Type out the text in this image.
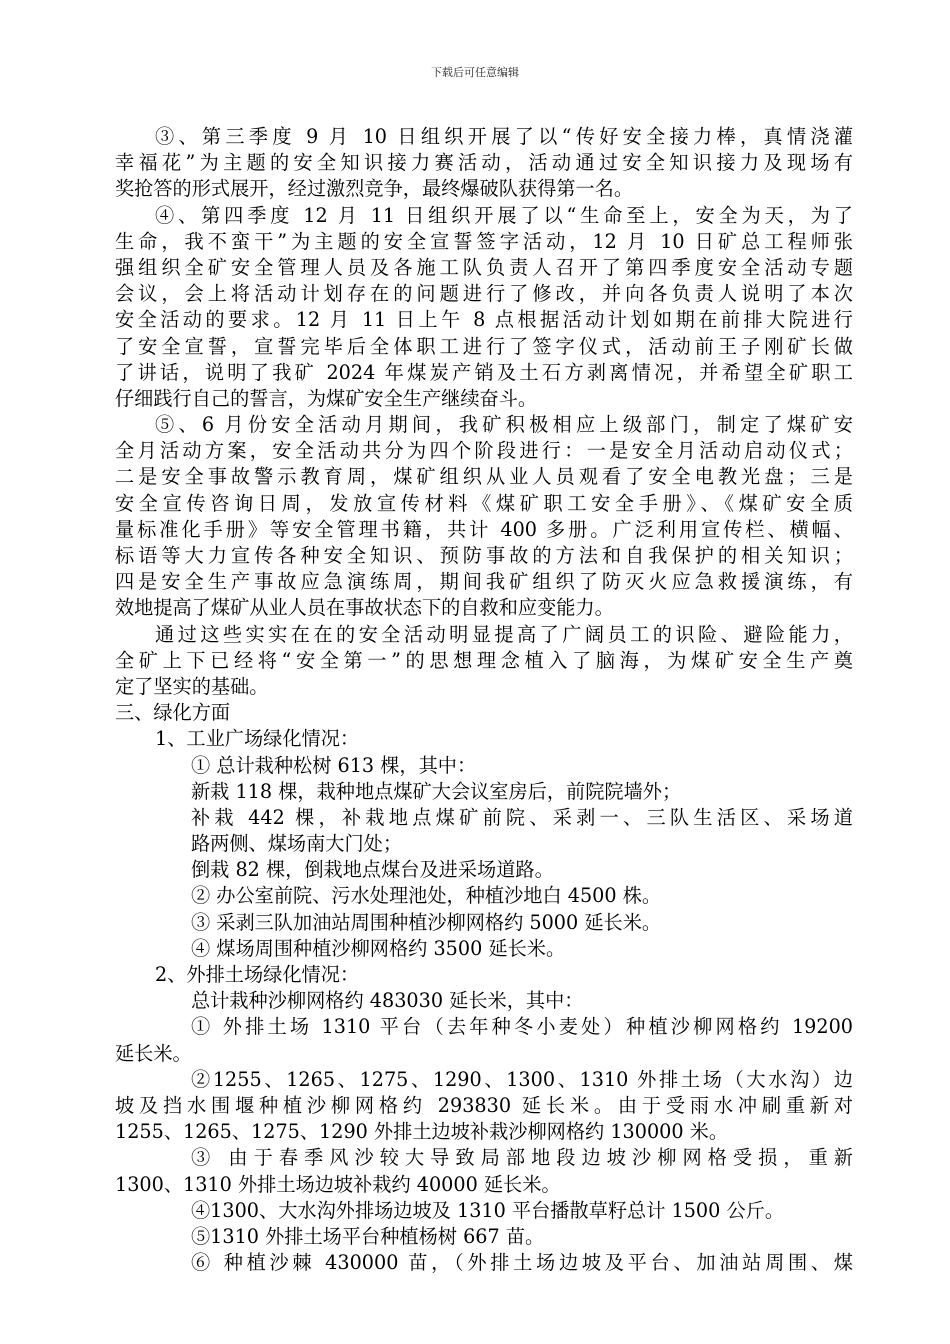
下载后可任意编辑
③、第三季度 9 月 10 日组织开展了以“传好安全接力棒，真情浇灌
幸福花”为主题的安全知识接力赛活动，活动通过安全知识接力及现场有
奖抢答的形式展开，经过激烈竞争，最终爆破队获得第一名。
④、第四季度 12 月 11 日组织开展了以“生命至上，安全为天，为了
生命，我不蛮干”为主题的安全宣誓签字活动，12 月 10 日矿总工程师张
强组织全矿安全管理人员及各施工队负责人召开了第四季度安全活动专题
会议，会上将活动计划存在的问题进行了修改，并向各负责人说明了本次
安全活动的要求。12 月 11 日上午 8 点根据活动计划如期在前排大院进行
了安全宣誓，宣誓完毕后全体职工进行了签字仪式，活动前王子刚矿长做
了讲话，说明了我矿 2024 年煤炭产销及土石方剥离情况，并希望全矿职工
仔细践行自己的誓言，为煤矿安全生产继续奋斗。
⑤、6 月份安全活动月期间，我矿积极相应上级部门，制定了煤矿安
全月活动方案，安全活动共分为四个阶段进行：一是安全月活动启动仪式；
二是安全事故警示教育周，煤矿组织从业人员观看了安全电教光盘；三是
安全宣传咨询日周，发放宣传材料《煤矿职工安全手册》、《煤矿安全质
量标准化手册》等安全管理书籍，共计 400 多册。广泛利用宣传栏、横幅、
标语等大力宣传各种安全知识、预防事故的方法和自我保护的相关知识；
四是安全生产事故应急演练周，期间我矿组织了防灭火应急救援演练，有
效地提高了煤矿从业人员在事故状态下的自救和应变能力。
通过这些实实在在的安全活动明显提高了广阔员工的识险、避险能力，
全矿上下已经将“安全第一”的思想理念植入了脑海，为煤矿安全生产奠
定了坚实的基础。
三、绿化方面
1、工业广场绿化情况：
① 总计栽种松树 613 棵，其中：
新栽 118 棵，栽种地点煤矿大会议室房后，前院院墙外；
补栽 442 棵，补栽地点煤矿前院、采剥一、三队生活区、采场道
路两侧、煤场南大门处；
倒栽 82 棵，倒栽地点煤台及进采场道路。
② 办公室前院、污水处理池处，种植沙地白 4500 株。
③ 采剥三队加油站周围种植沙柳网格约 5000 延长米。
④ 煤场周围种植沙柳网格约 3500 延长米。
2、外排土场绿化情况：
总计栽种沙柳网格约 483030 延长米，其中：
① 外排土场 1310 平台（去年种冬小麦处）种植沙柳网格约 19200
延长米。
②1255、1265、1275、1290、1300、1310 外排土场（大水沟）边
坡及挡水围堰种植沙柳网格约 293830 延长米。由于受雨水冲刷重新对
1255、1265、1275、1290 外排土边坡补栽沙柳网格约 130000 米。
③ 由于春季风沙较大导致局部地段边坡沙柳网格受损，重新
1300、1310 外排土场边坡补栽约 40000 延长米。
④1300、大水沟外排场边坡及 1310 平台播散草籽总计 1500 公斤。
⑤1310 外排土场平台种植杨树 667 苗。
⑥ 种植沙棘 430000 苗，（外排土场边坡及平台、加油站周围、煤
